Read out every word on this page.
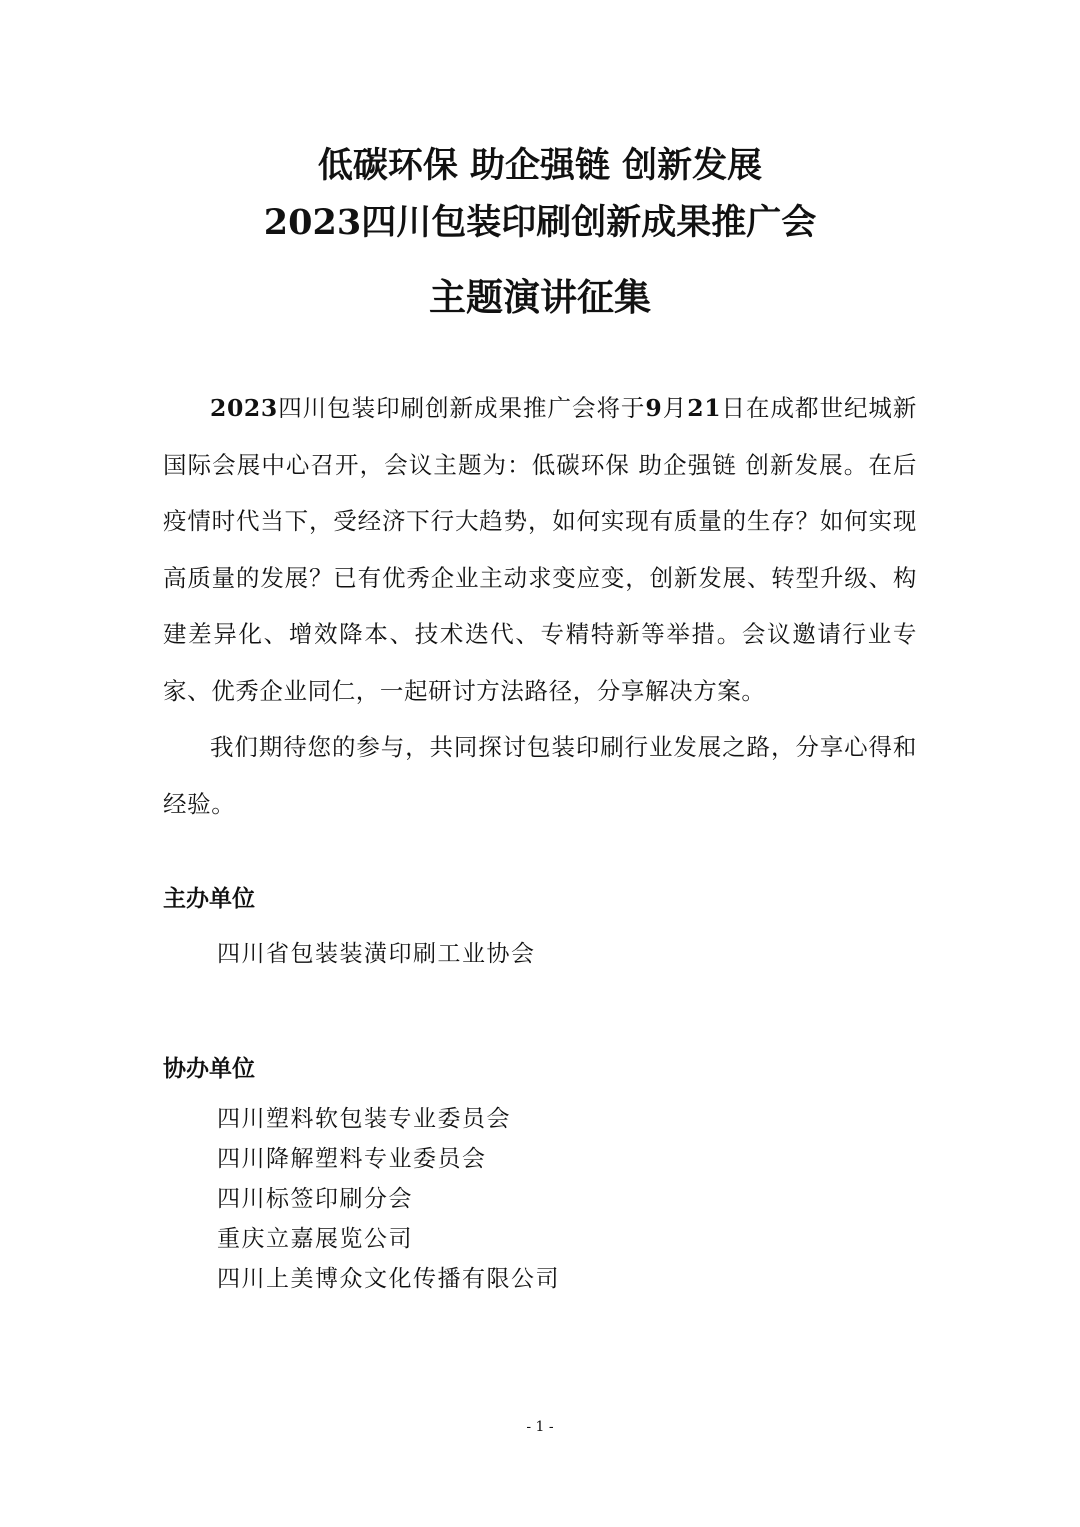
低碳环保 助企强链 创新发展
2023四川包装印刷创新成果推广会
主题演讲征集

2023四川包装印刷创新成果推广会将于9月21日在成都世纪城新国际会展中心召开，会议主题为：低碳环保 助企强链 创新发展。在后疫情时代当下，受经济下行大趋势，如何实现有质量的生存？如何实现高质量的发展？已有优秀企业主动求变应变，创新发展、转型升级、构建差异化、增效降本、技术迭代、专精特新等举措。会议邀请行业专家、优秀企业同仁，一起研讨方法路径，分享解决方案。

我们期待您的参与，共同探讨包装印刷行业发展之路，分享心得和经验。

主办单位
四川省包装装潢印刷工业协会
协办单位
四川塑料软包装专业委员会
四川降解塑料专业委员会
四川标签印刷分会
重庆立嘉展览公司
四川上美博众文化传播有限公司
- 1 -
